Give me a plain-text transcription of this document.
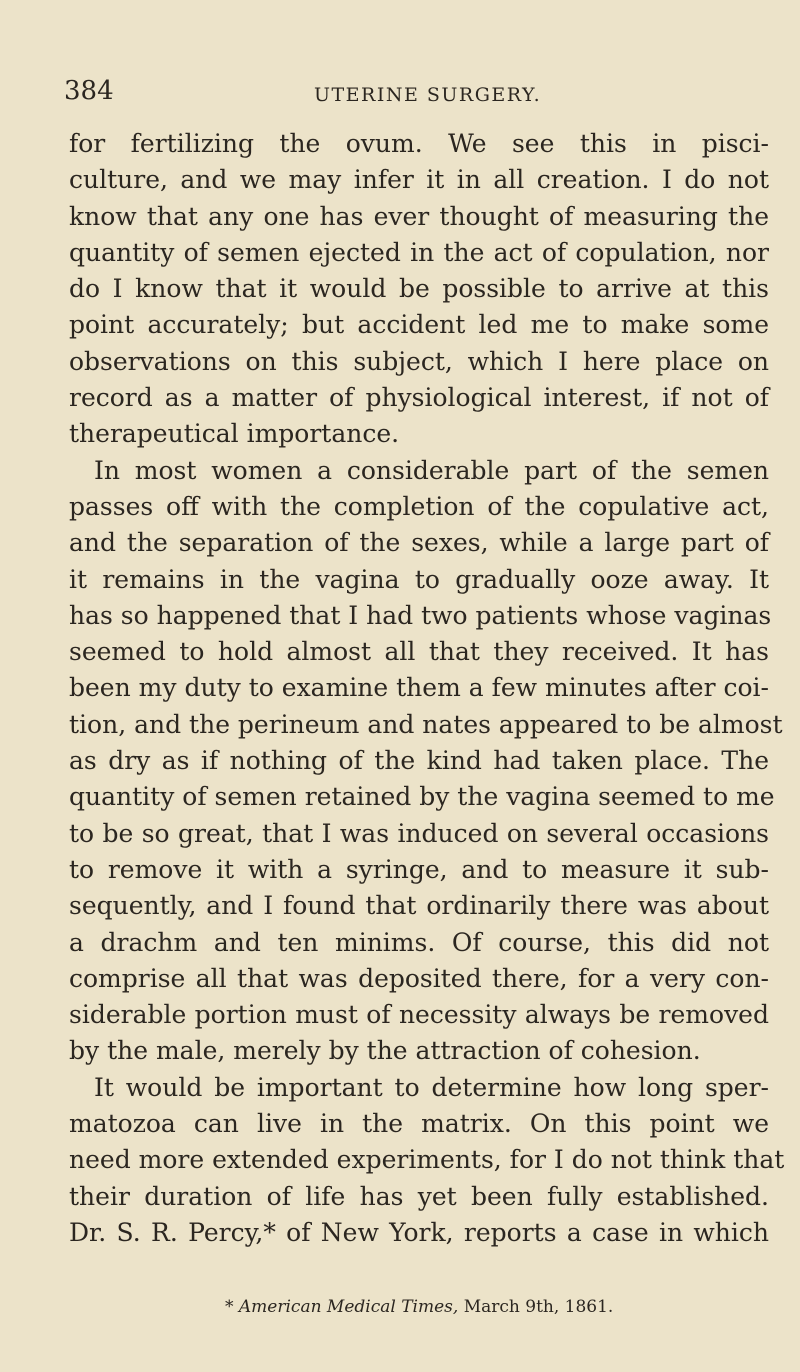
384	UTERINE SURGERY.
for fertilizing the ovum. We see this in pisci-
culture, and we may infer it in all creation. I do not
know that any one has ever thought of measuring the
quantity of semen ejected in the act of copulation, nor
do I know that it would be possible to arrive at this
point accurately; but accident led me to make some
observations on this subject, which I here place on
record as a matter of physiological interest, if not of
therapeutical importance.
In most women a considerable part of the semen
passes off with the completion of the copulative act,
and the separation of the sexes, while a large part of
it remains in the vagina to gradually ooze away. It
has so happened that I had two patients whose vaginas
seemed to hold almost all that they received. It has
been my duty to examine them a few minutes after coi-
tion, and the perineum and nates appeared to be almost
as dry as if nothing of the kind had taken place. The
quantity of semen retained by the vagina seemed to me
to be so great, that I was induced on several occasions
to remove it with a syringe, and to measure it sub-
sequently, and I found that ordinarily there was about
a drachm and ten minims. Of course, this did not
comprise all that was deposited there, for a very con-
siderable portion must of necessity always be removed
by the male, merely by the attraction of cohesion.
It would be important to determine how long sper-
matozoa can live in the matrix. On this point we
need more extended experiments, for I do not think that
their duration of life has yet been fully established.
Dr. S. R. Percy,* of New York, reports a case in which
* American Medical Times, March 9th, 1861.
